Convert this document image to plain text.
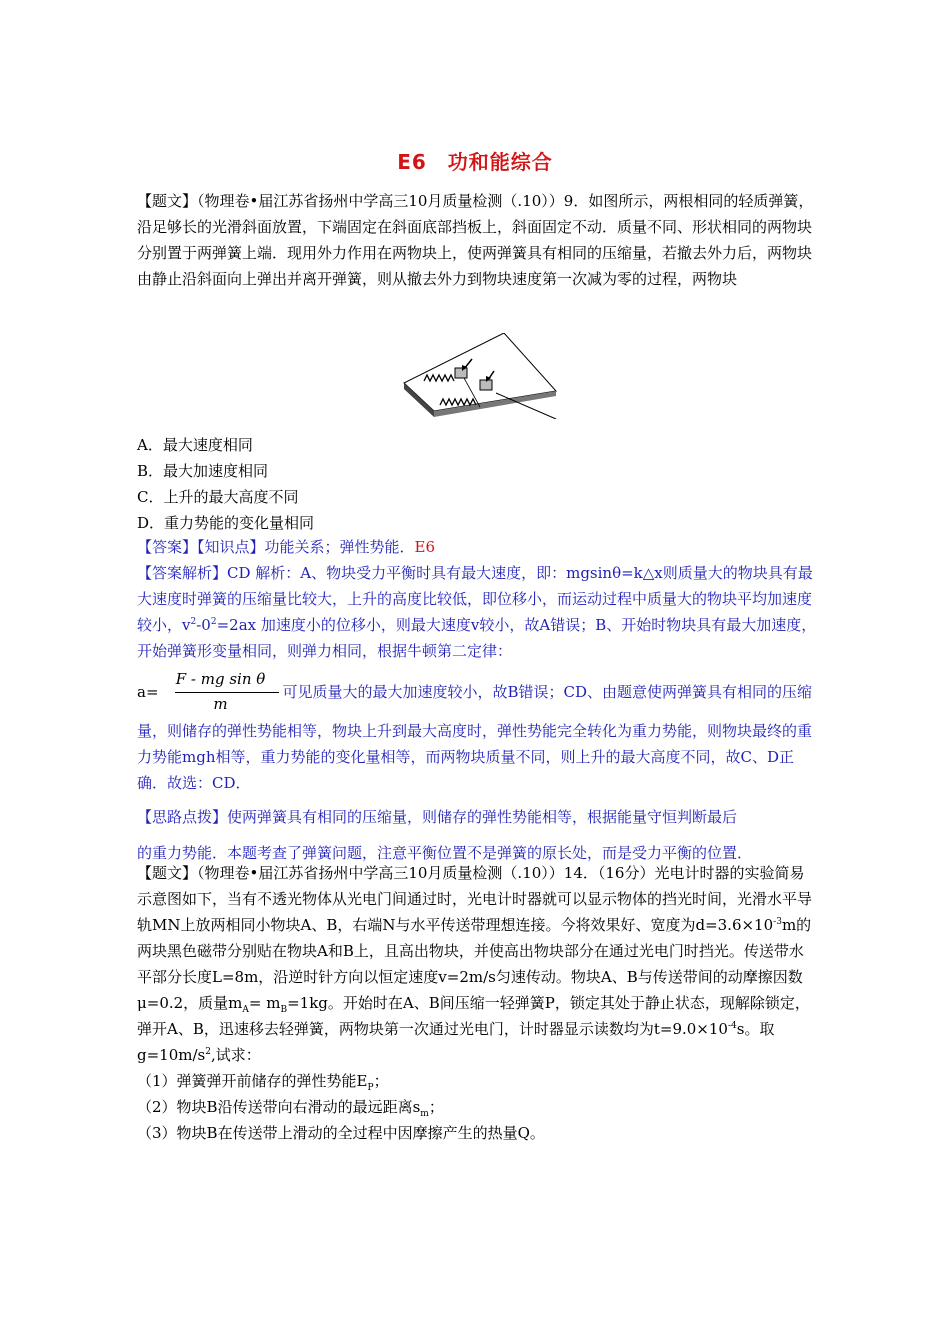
E6　功和能综合

【题文】（物理卷•届江苏省扬州中学高三10月质量检测（.10））9．如图所示，两根相同的轻质弹簧，沿足够长的光滑斜面放置，下端固定在斜面底部挡板上，斜面固定不动．质量不同、形状相同的两物块分别置于两弹簧上端．现用外力作用在两物块上，使两弹簧具有相同的压缩量，若撤去外力后，两物块由静止沿斜面向上弹出并离开弹簧，则从撤去外力到物块速度第一次减为零的过程，两物块

A．最大速度相同

B．最大加速度相同

C．上升的最大高度不同

D．重力势能的变化量相同

【答案】【知识点】功能关系；弹性势能．E6

【答案解析】CD 解析：A、物块受力平衡时具有最大速度，即：mgsinθ=k△x则质量大的物块具有最大速度时弹簧的压缩量比较大，上升的高度比较低，即位移小，而运动过程中质量大的物块平均加速度较小，$v^2-0^2=2ax$ 加速度小的位移小，则最大速度v较小，故A错误；B、开始时物块具有最大加速度，开始弹簧形变量相同，则弹力相同，根据牛顿第二定律：

$a= \frac{\text{F - mg sin θ}}{m}$ 可见质量大的最大加速度较小，故B错误；CD、由题意使两弹簧具有相同的压缩量，则储存的弹性势能相等，物块上升到最大高度时，弹性势能完全转化为重力势能，则物块最终的重力势能mgh相等，重力势能的变化量相等，而两物块质量不同，则上升的最大高度不同，故C、D正确．故选：CD．

【思路点拨】使两弹簧具有相同的压缩量，则储存的弹性势能相等，根据能量守恒判断最后

的重力势能．本题考查了弹簧问题，注意平衡位置不是弹簧的原长处，而是受力平衡的位置．

【题文】（物理卷•届江苏省扬州中学高三10月质量检测（.10））14．（16分）光电计时器的实验简易示意图如下，当有不透光物体从光电门间通过时，光电计时器就可以显示物体的挡光时间，光滑水平导轨MN上放两相同小物块A、B，右端N与水平传送带理想连接。今将效果好、宽度为$d=3.6\times 10^{-3}m$的两块黑色磁带分别贴在物块A和B上，且高出物块，并使高出物块部分在通过光电门时挡光。传送带水平部分长度L=8m，沿逆时针方向以恒定速度v=2m/s匀速传动。物块A、B与传送带间的动摩擦因数μ=0.2，质量$m_A= m_B=1kg$。开始时在A、B间压缩一轻弹簧P，锁定其处于静止状态，现解除锁定，弹开A、B，迅速移去轻弹簧，两物块第一次通过光电门，计时器显示读数均为$t=9.0\times 10^{-4}s$。取$g=10m/s^2$,试求：

（1）弹簧弹开前储存的弹性势能$E_P$；

（2）物块B沿传送带向右滑动的最远距离$s_m$；

（3）物块B在传送带上滑动的全过程中因摩擦产生的热量Q。
